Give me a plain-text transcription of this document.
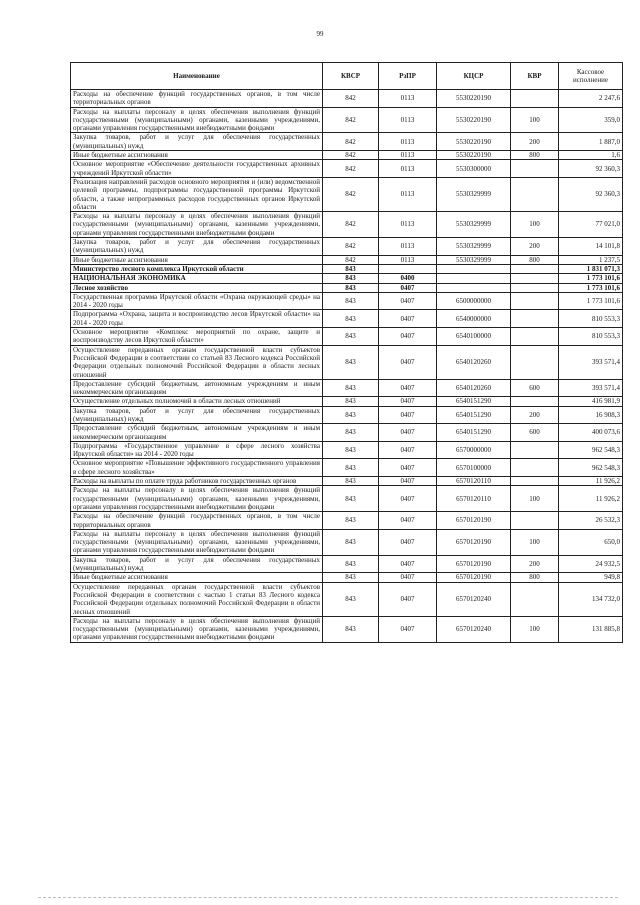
99
Наименование	КВСР	РзПР	КЦСР	КВР	Кассовое исполнение
Расходы на обеспечение функций государственных органов, в том числе территориальных органов	842	0113	5530220190		2 247,6
Расходы на выплаты персоналу в целях обеспечения выполнения функций государственными (муниципальными) органами, казенными учреждениями, органами управления государственными внебюджетными фондами	842	0113	5530220190	100	359,0
Закупка товаров, работ и услуг для обеспечения государственных (муниципальных) нужд	842	0113	5530220190	200	1 887,0
Иные бюджетные ассигнования	842	0113	5530220190	800	1,6
Основное мероприятие «Обеспечение деятельности государственных архивных учреждений Иркутской области»	842	0113	5530300000		92 360,3
Реализация направлений расходов основного мероприятия и (или) ведомственной целевой программы, подпрограммы государственной программы Иркутской области, а также непрограммных расходов государственных органов Иркутской области	842	0113	5530329999		92 360,3
Расходы на выплаты персоналу в целях обеспечения выполнения функций государственными (муниципальными) органами, казенными учреждениями, органами управления государственными внебюджетными фондами	842	0113	5530329999	100	77 021,0
Закупка товаров, работ и услуг для обеспечения государственных (муниципальных) нужд	842	0113	5530329999	200	14 101,8
Иные бюджетные ассигнования	842	0113	5530329999	800	1 237,5
Министерство лесного комплекса Иркутской области	843				1 831 071,3
НАЦИОНАЛЬНАЯ ЭКОНОМИКА	843	0400			1 773 101,6
Лесное хозяйство	843	0407			1 773 101,6
Государственная программа Иркутской области «Охрана окружающей среды» на 2014 - 2020 годы	843	0407	6500000000		1 773 101,6
Подпрограмма «Охрана, защита и воспроизводство лесов Иркутской области» на 2014 - 2020 годы	843	0407	6540000000		810 553,3
Основное мероприятие «Комплекс мероприятий по охране, защите и воспроизводству лесов Иркутской области»	843	0407	6540100000		810 553,3
Осуществление переданных органам государственной власти субъектов Российской Федерации в соответствии со статьей 83 Лесного кодекса Российской Федерации отдельных полномочий Российской Федерации в области лесных отношений	843	0407	6540120260		393 571,4
Предоставление субсидий бюджетным, автономным учреждениям и иным некоммерческим организациям	843	0407	6540120260	600	393 571,4
Осуществление отдельных полномочий в области лесных отношений	843	0407	6540151290		416 981,9
Закупка товаров, работ и услуг для обеспечения государственных (муниципальных) нужд	843	0407	6540151290	200	16 908,3
Предоставление субсидий бюджетным, автономным учреждениям и иным некоммерческим организациям	843	0407	6540151290	600	400 073,6
Подпрограмма «Государственное управление в сфере лесного хозяйства Иркутской области» на 2014 - 2020 годы	843	0407	6570000000		962 548,3
Основное мероприятие «Повышение эффективного государственного управления в сфере лесного хозяйства»	843	0407	6570100000		962 548,3
Расходы на выплаты по оплате труда работников государственных органов	843	0407	6570120110		11 926,2
Расходы на выплаты персоналу в целях обеспечения выполнения функций государственными (муниципальными) органами, казенными учреждениями, органами управления государственными внебюджетными фондами	843	0407	6570120110	100	11 926,2
Расходы на обеспечение функций государственных органов, в том числе территориальных органов	843	0407	6570120190		26 532,3
Расходы на выплаты персоналу в целях обеспечения выполнения функций государственными (муниципальными) органами, казенными учреждениями, органами управления государственными внебюджетными фондами	843	0407	6570120190	100	650,0
Закупка товаров, работ и услуг для обеспечения государственных (муниципальных) нужд	843	0407	6570120190	200	24 932,5
Иные бюджетные ассигнования	843	0407	6570120190	800	949,8
Осуществление переданных органам государственной власти субъектов Российской Федерации в соответствии с частью 1 статьи 83 Лесного кодекса Российской Федерации отдельных полномочий Российской Федерации в области лесных отношений	843	0407	6570120240		134 732,0
Расходы на выплаты персоналу в целях обеспечения выполнения функций государственными (муниципальными) органами, казенными учреждениями, органами управления государственными внебюджетными фондами	843	0407	6570120240	100	131 885,8
